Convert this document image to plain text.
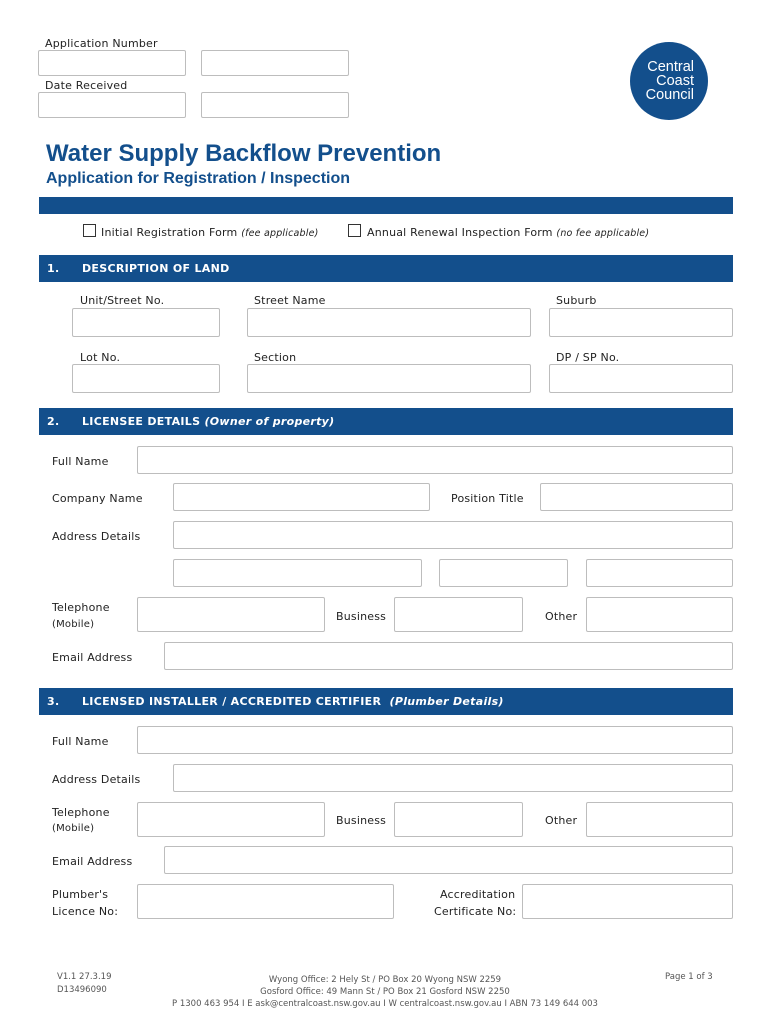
Application Number
Date Received
Central
Coast
Council
Water Supply Backflow Prevention
Application for Registration / Inspection
Initial Registration Form (fee applicable)	Annual Renewal Inspection Form (no fee applicable)
1. DESCRIPTION OF LAND
Unit/Street No.	Street Name	Suburb
Lot No.	Section	DP / SP No.
2. LICENSEE DETAILS (Owner of property)
Full Name
Company Name	Position Title
Address Details
Telephone
(Mobile)
Business	Other
Email Address
3. LICENSED INSTALLER / ACCREDITED CERTIFIER (Plumber Details)
Full Name
Address Details
Telephone
(Mobile)
Business	Other
Email Address
Plumber's
Licence No:
Accreditation
Certificate No:
V1.1 27.3.19
D13496090
Wyong Office: 2 Hely St / PO Box 20 Wyong NSW 2259
Gosford Office: 49 Mann St / PO Box 21 Gosford NSW 2250
P 1300 463 954 I E ask@centralcoast.nsw.gov.au I W centralcoast.nsw.gov.au I ABN 73 149 644 003
Page 1 of 3
